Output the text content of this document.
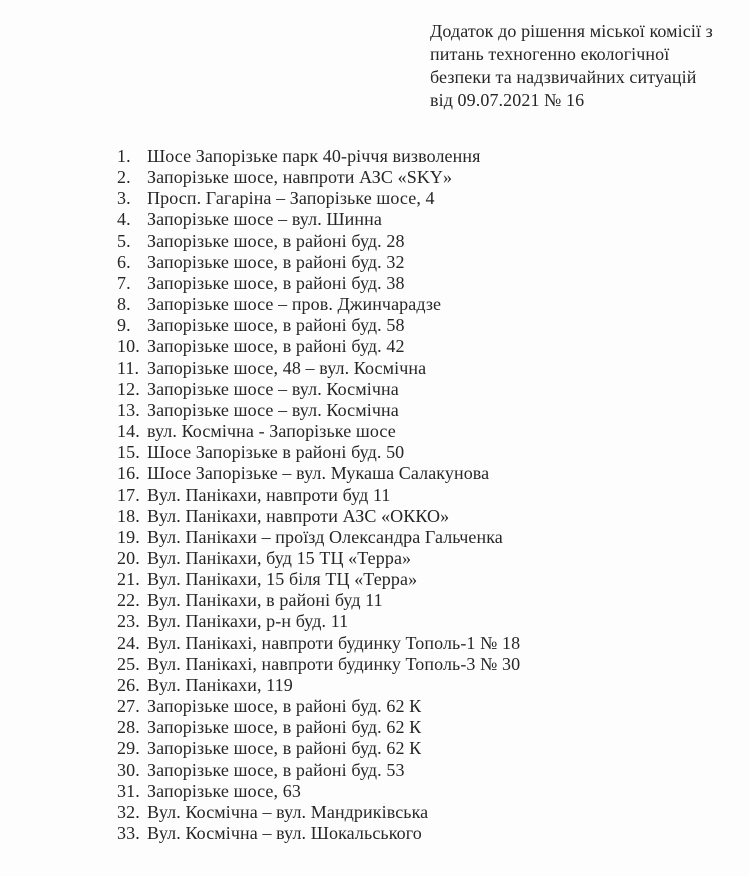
Додаток до рішення міської комісії з
питань техногенно екологічної
безпеки та надзвичайних ситуацій
від 09.07.2021 № 16
1. Шосе Запорізьке парк 40-річчя визволення
2. Запорізьке шосе, навпроти АЗС «SKY»
3. Просп. Гагаріна – Запорізьке шосе, 4
4. Запорізьке шосе – вул. Шинна
5. Запорізьке шосе, в районі буд. 28
6. Запорізьке шосе, в районі буд. 32
7. Запорізьке шосе, в районі буд. 38
8. Запорізьке шосе – пров. Джинчарадзе
9. Запорізьке шосе, в районі буд. 58
10. Запорізьке шосе, в районі буд. 42
11. Запорізьке шосе, 48 – вул. Космічна
12. Запорізьке шосе – вул. Космічна
13. Запорізьке шосе – вул. Космічна
14. вул. Космічна - Запорізьке шосе
15. Шосе Запорізьке в районі буд. 50
16. Шосе Запорізьке – вул. Мукаша Салакунова
17. Вул. Панікахи, навпроти буд 11
18. Вул. Панікахи, навпроти АЗС «ОККО»
19. Вул. Панікахи – проїзд Олександра Гальченка
20. Вул. Панікахи, буд 15 ТЦ «Терра»
21. Вул. Панікахи, 15 біля ТЦ «Терра»
22. Вул. Панікахи, в районі буд 11
23. Вул. Панікахи, р-н буд. 11
24. Вул. Панікахі, навпроти будинку Тополь-1 № 18
25. Вул. Панікахі, навпроти будинку Тополь-3 № 30
26. Вул. Панікахи, 119
27. Запорізьке шосе, в районі буд. 62 К
28. Запорізьке шосе, в районі буд. 62 К
29. Запорізьке шосе, в районі буд. 62 К
30. Запорізьке шосе, в районі буд. 53
31. Запорізьке шосе, 63
32. Вул. Космічна – вул. Мандриківська
33. Вул. Космічна – вул. Шокальського
